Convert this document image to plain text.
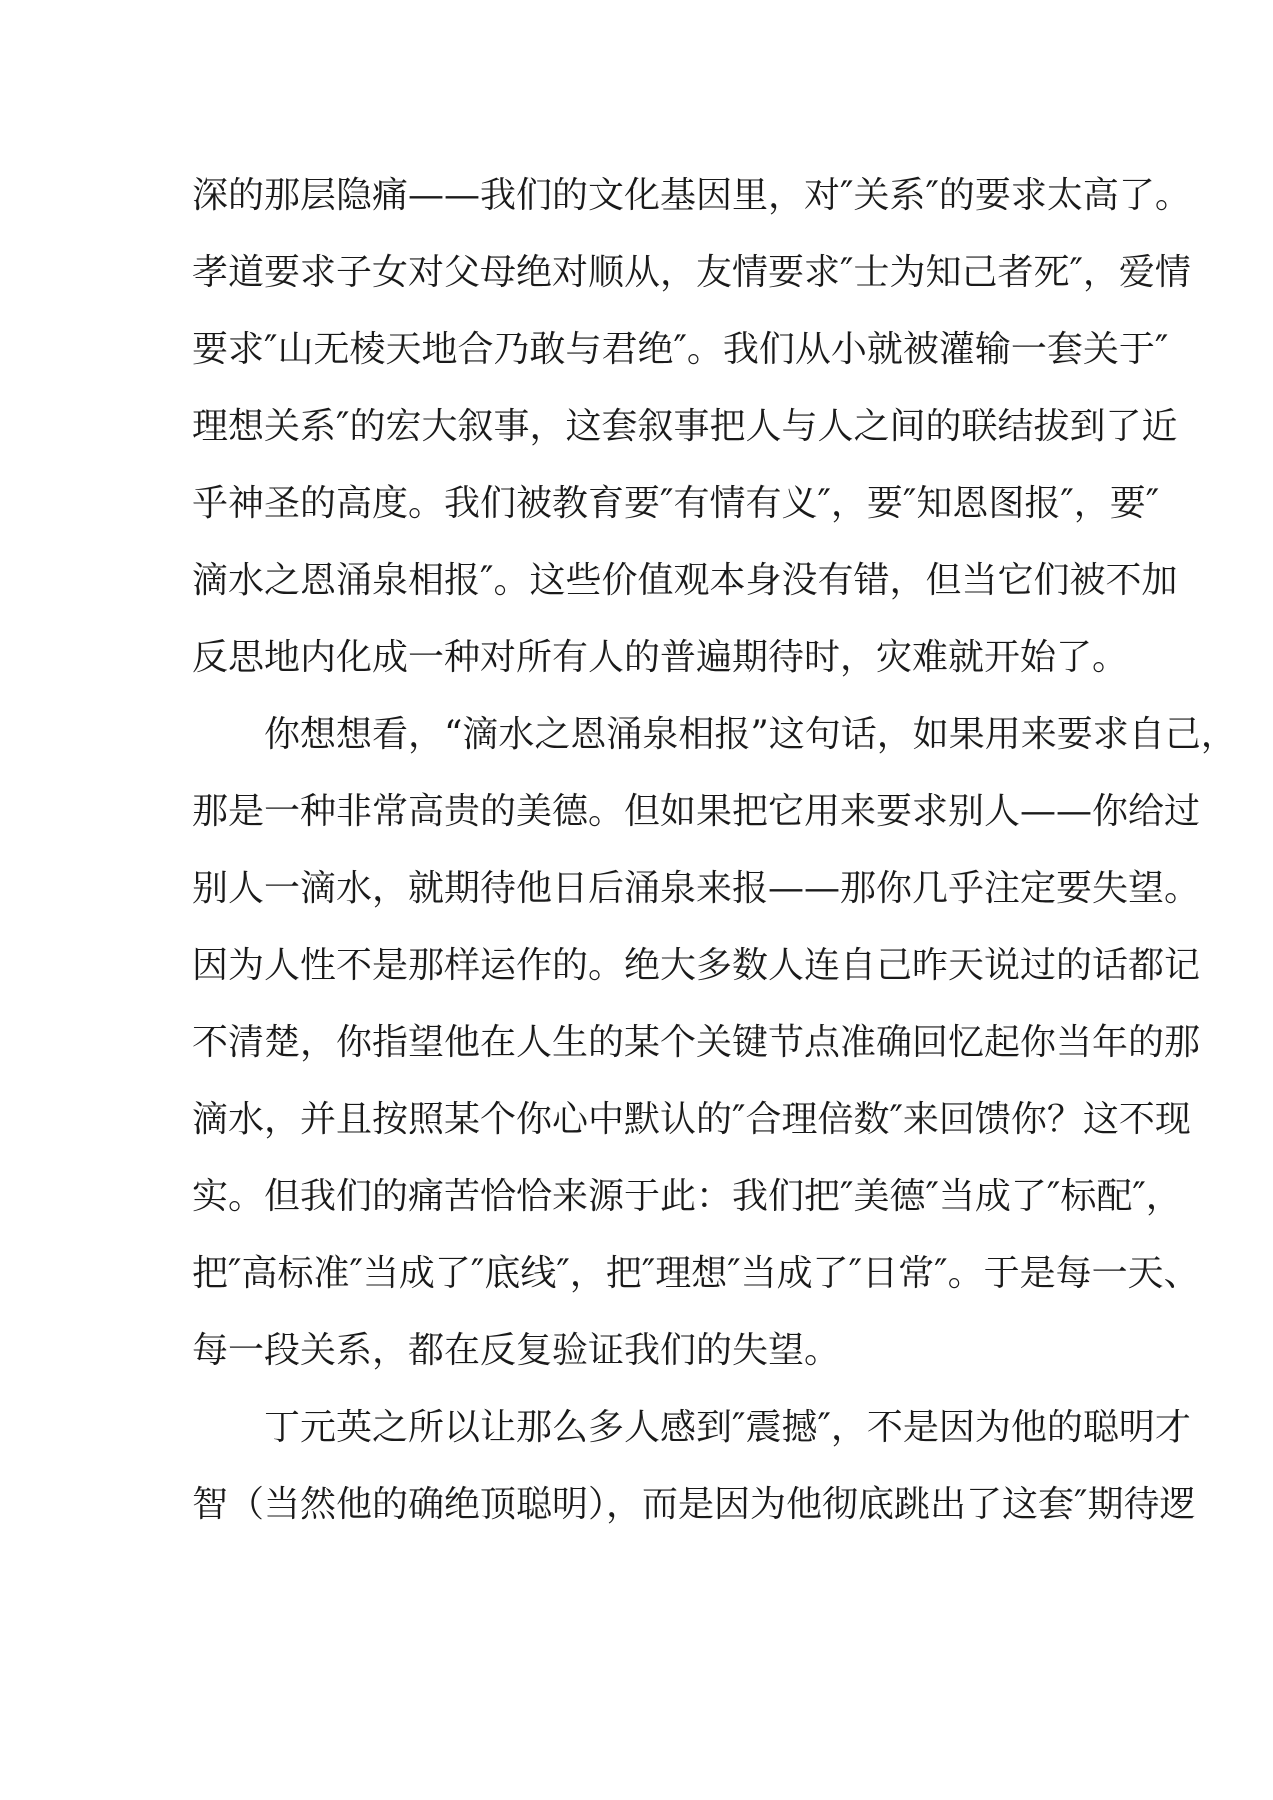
深的那层隐痛——我们的文化基因里，对″关系″的要求太高了。
孝道要求子女对父母绝对顺从，友情要求″士为知己者死″，爱情
要求″山无棱天地合乃敢与君绝″。我们从小就被灌输一套关于″
理想关系″的宏大叙事，这套叙事把人与人之间的联结拔到了近
乎神圣的高度。我们被教育要″有情有义″，要″知恩图报″，要″
滴水之恩涌泉相报″。这些价值观本身没有错，但当它们被不加
反思地内化成一种对所有人的普遍期待时，灾难就开始了。
你想想看，“滴水之恩涌泉相报”这句话，如果用来要求自己，
那是一种非常高贵的美德。但如果把它用来要求别人——你给过
别人一滴水，就期待他日后涌泉来报——那你几乎注定要失望。
因为人性不是那样运作的。绝大多数人连自己昨天说过的话都记
不清楚，你指望他在人生的某个关键节点准确回忆起你当年的那
滴水，并且按照某个你心中默认的″合理倍数″来回馈你？这不现
实。但我们的痛苦恰恰来源于此：我们把″美德″当成了″标配″，
把″高标准″当成了″底线″，把″理想″当成了″日常″。于是每一天、
每一段关系，都在反复验证我们的失望。
丁元英之所以让那么多人感到″震撼″，不是因为他的聪明才
智（当然他的确绝顶聪明），而是因为他彻底跳出了这套″期待逻
